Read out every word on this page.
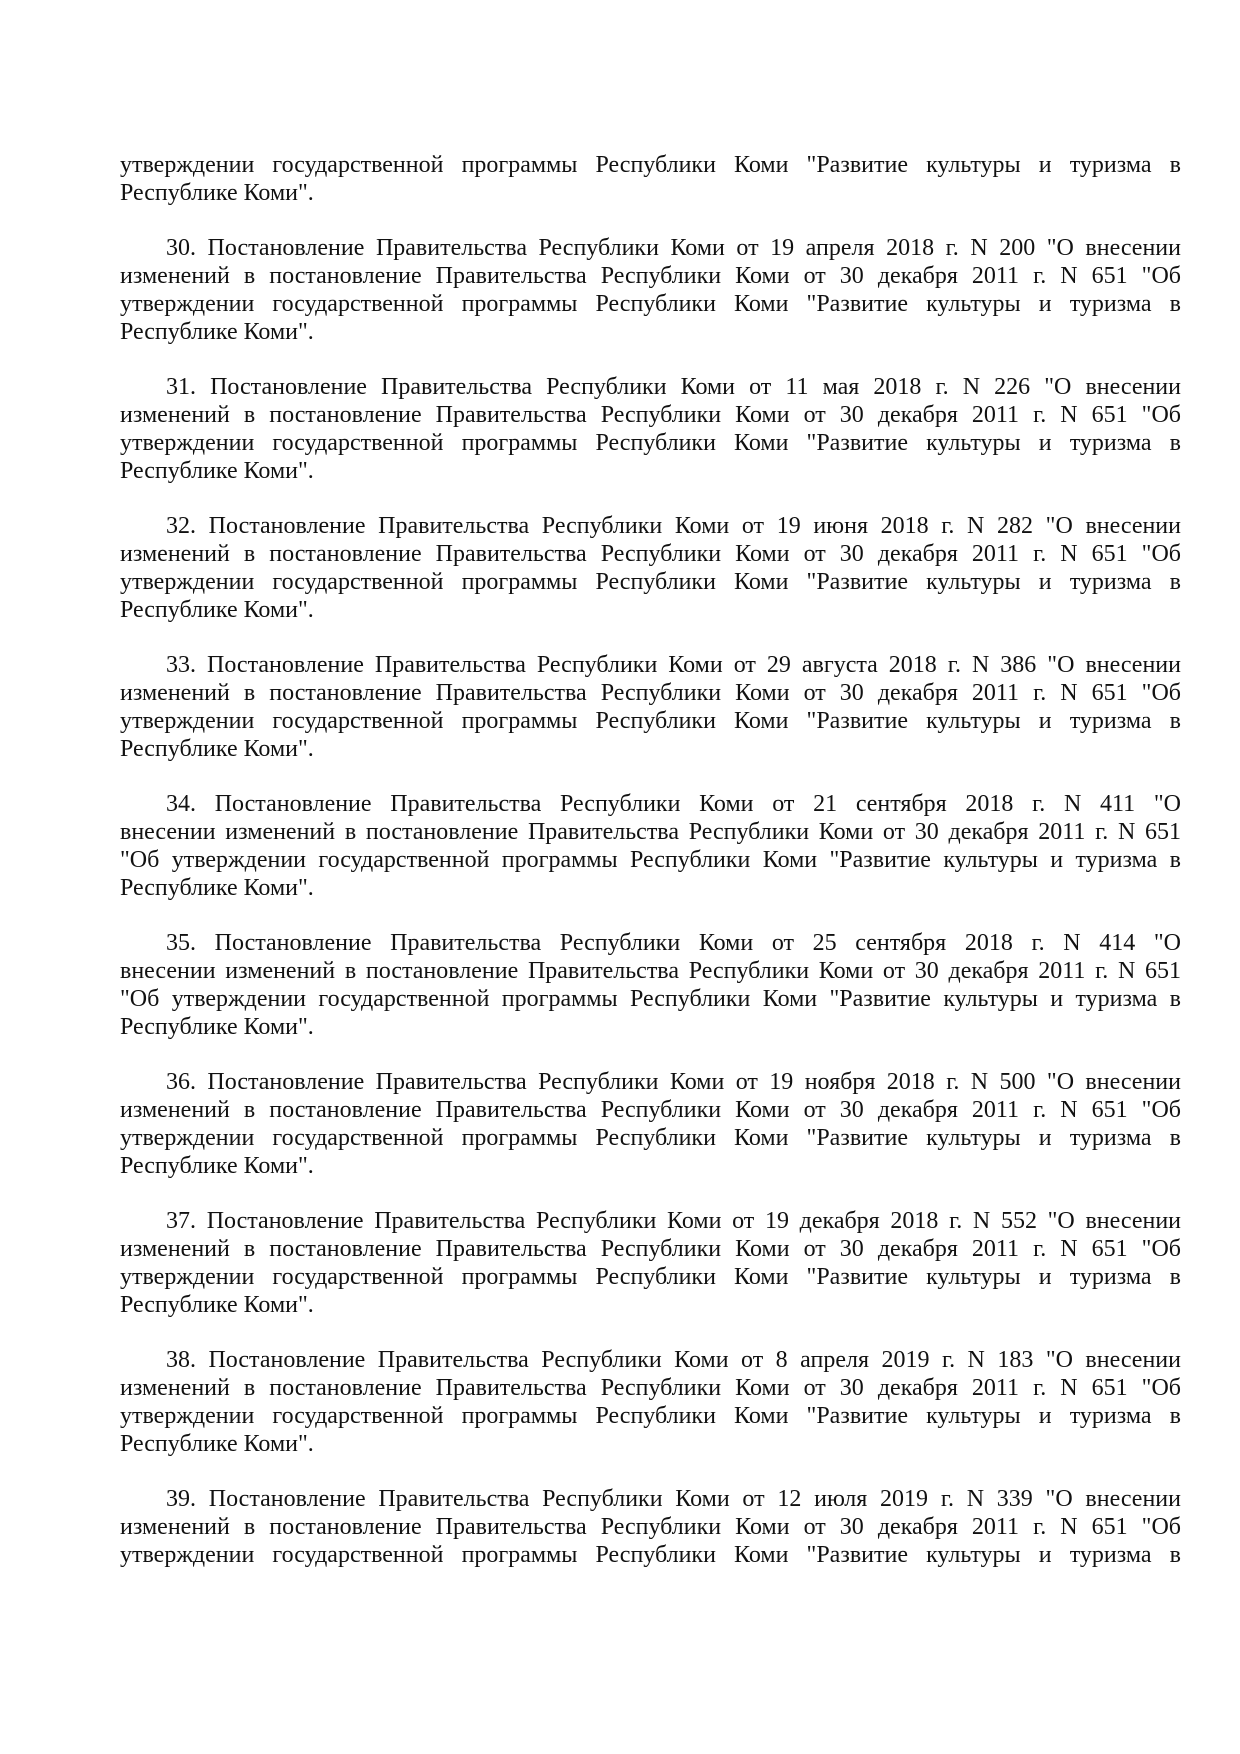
утверждении государственной программы Республики Коми "Развитие культуры и туризма в
Республике Коми".
30. Постановление Правительства Республики Коми от 19 апреля 2018 г. N 200 "О внесении
изменений в постановление Правительства Республики Коми от 30 декабря 2011 г. N 651 "Об
утверждении государственной программы Республики Коми "Развитие культуры и туризма в
Республике Коми".
31. Постановление Правительства Республики Коми от 11 мая 2018 г. N 226 "О внесении
изменений в постановление Правительства Республики Коми от 30 декабря 2011 г. N 651 "Об
утверждении государственной программы Республики Коми "Развитие культуры и туризма в
Республике Коми".
32. Постановление Правительства Республики Коми от 19 июня 2018 г. N 282 "О внесении
изменений в постановление Правительства Республики Коми от 30 декабря 2011 г. N 651 "Об
утверждении государственной программы Республики Коми "Развитие культуры и туризма в
Республике Коми".
33. Постановление Правительства Республики Коми от 29 августа 2018 г. N 386 "О внесении
изменений в постановление Правительства Республики Коми от 30 декабря 2011 г. N 651 "Об
утверждении государственной программы Республики Коми "Развитие культуры и туризма в
Республике Коми".
34. Постановление Правительства Республики Коми от 21 сентября 2018 г. N 411 "О
внесении изменений в постановление Правительства Республики Коми от 30 декабря 2011 г. N 651
"Об утверждении государственной программы Республики Коми "Развитие культуры и туризма в
Республике Коми".
35. Постановление Правительства Республики Коми от 25 сентября 2018 г. N 414 "О
внесении изменений в постановление Правительства Республики Коми от 30 декабря 2011 г. N 651
"Об утверждении государственной программы Республики Коми "Развитие культуры и туризма в
Республике Коми".
36. Постановление Правительства Республики Коми от 19 ноября 2018 г. N 500 "О внесении
изменений в постановление Правительства Республики Коми от 30 декабря 2011 г. N 651 "Об
утверждении государственной программы Республики Коми "Развитие культуры и туризма в
Республике Коми".
37. Постановление Правительства Республики Коми от 19 декабря 2018 г. N 552 "О внесении
изменений в постановление Правительства Республики Коми от 30 декабря 2011 г. N 651 "Об
утверждении государственной программы Республики Коми "Развитие культуры и туризма в
Республике Коми".
38. Постановление Правительства Республики Коми от 8 апреля 2019 г. N 183 "О внесении
изменений в постановление Правительства Республики Коми от 30 декабря 2011 г. N 651 "Об
утверждении государственной программы Республики Коми "Развитие культуры и туризма в
Республике Коми".
39. Постановление Правительства Республики Коми от 12 июля 2019 г. N 339 "О внесении
изменений в постановление Правительства Республики Коми от 30 декабря 2011 г. N 651 "Об
утверждении государственной программы Республики Коми "Развитие культуры и туризма в
